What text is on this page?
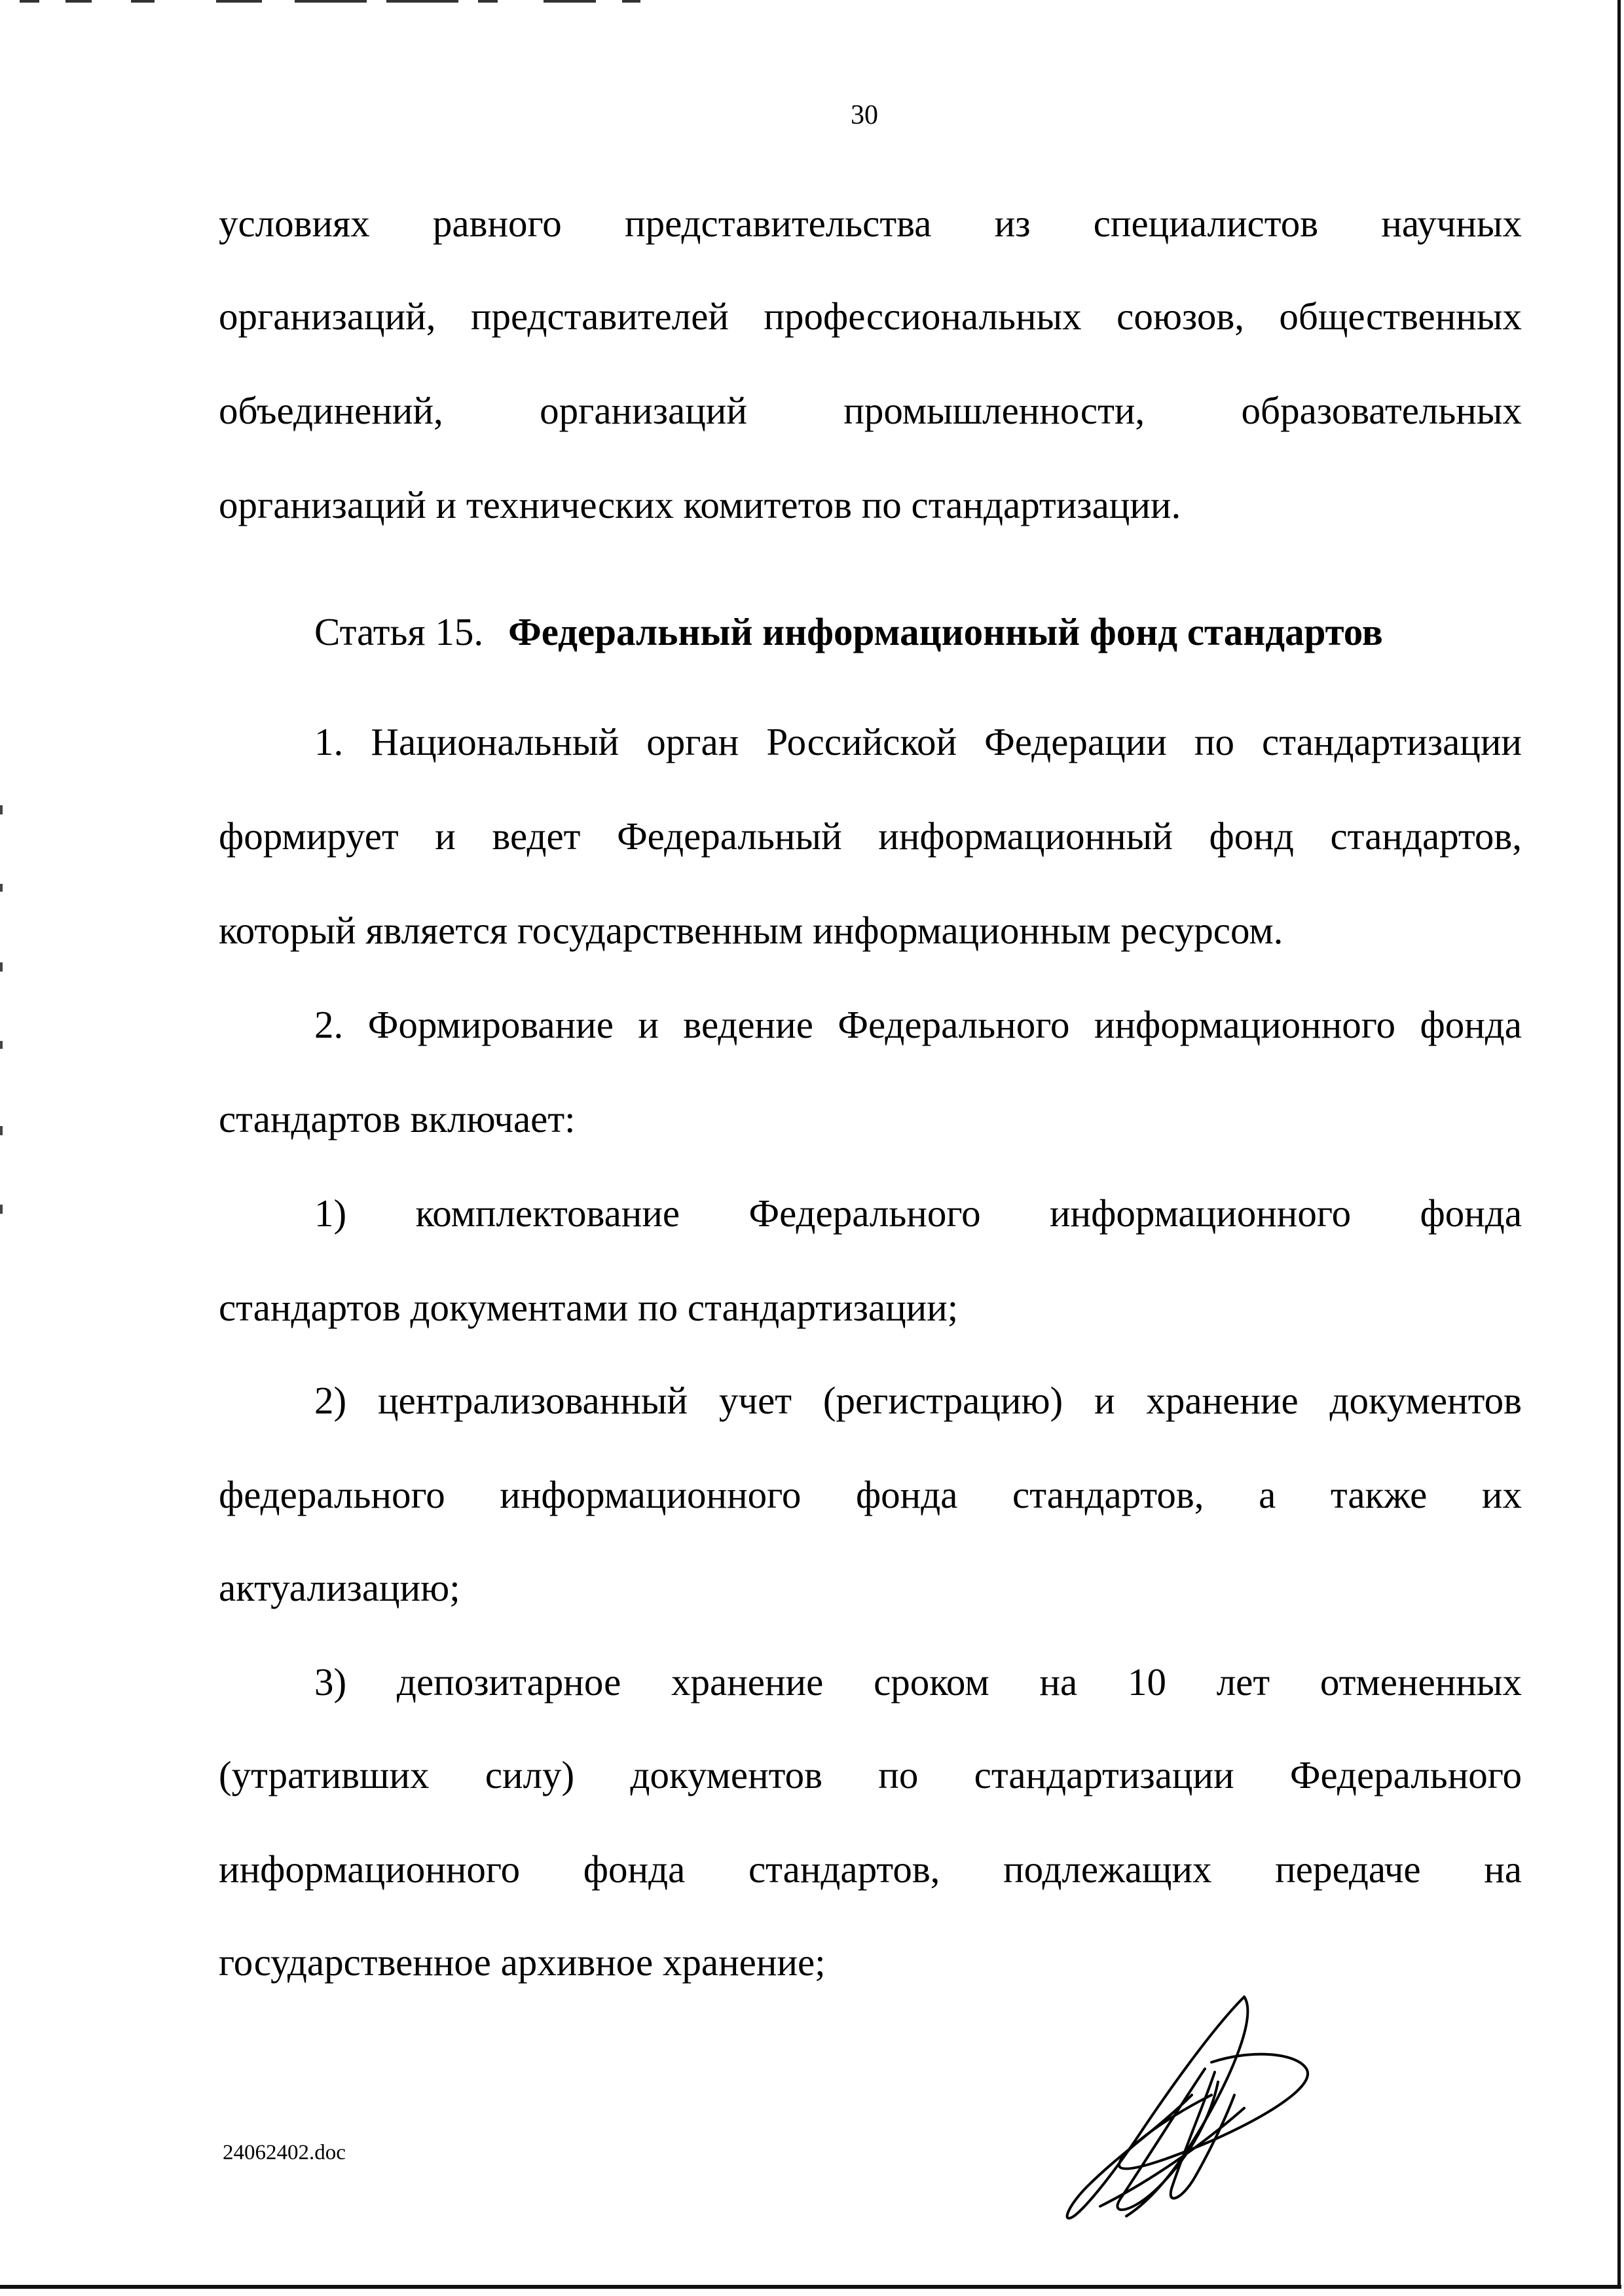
30
условиях равного представительства из специалистов научных
организаций, представителей профессиональных союзов, общественных
объединений, организаций промышленности, образовательных
организаций и технических комитетов по стандартизации.
Статья 15. Федеральный информационный фонд стандартов
1. Национальный орган Российской Федерации по стандартизации
формирует и ведет Федеральный информационный фонд стандартов,
который является государственным информационным ресурсом.
2. Формирование и ведение Федерального информационного фонда
стандартов включает:
1) комплектование Федерального информационного фонда
стандартов документами по стандартизации;
2) централизованный учет (регистрацию) и хранение документов
федерального информационного фонда стандартов, а также их
актуализацию;
3) депозитарное хранение сроком на 10 лет отмененных
(утративших силу) документов по стандартизации Федерального
информационного фонда стандартов, подлежащих передаче на
государственное архивное хранение;
24062402.doc
